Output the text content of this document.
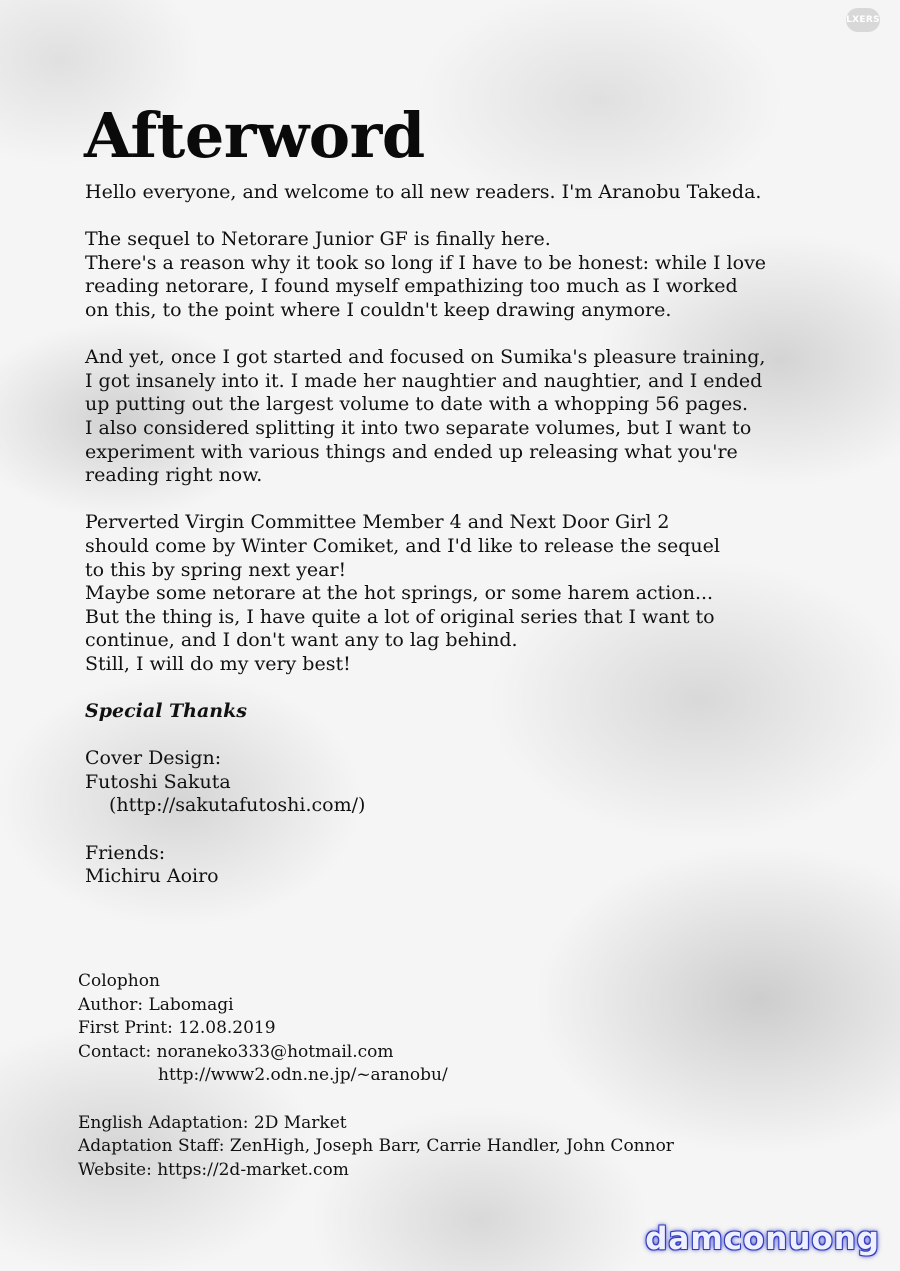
LXERS
Afterword

Hello everyone, and welcome to all new readers. I'm Aranobu Takeda.

The sequel to Netorare Junior GF is finally here.
There's a reason why it took so long if I have to be honest: while I love
reading netorare, I found myself empathizing too much as I worked
on this, to the point where I couldn't keep drawing anymore.

And yet, once I got started and focused on Sumika's pleasure training,
I got insanely into it. I made her naughtier and naughtier, and I ended
up putting out the largest volume to date with a whopping 56 pages.
I also considered splitting it into two separate volumes, but I want to
experiment with various things and ended up releasing what you're
reading right now.

Perverted Virgin Committee Member 4 and Next Door Girl 2
should come by Winter Comiket, and I'd like to release the sequel
to this by spring next year!
Maybe some netorare at the hot springs, or some harem action...
But the thing is, I have quite a lot of original series that I want to
continue, and I don't want any to lag behind.
Still, I will do my very best!

Special Thanks

Cover Design:

Futoshi Sakuta

(http://sakutafutoshi.com/)

Friends:

Michiru Aoiro

Colophon

Author: Labomagi

First Print: 12.08.2019

Contact: noraneko333@hotmail.com

http://www2.odn.ne.jp/~aranobu/

English Adaptation: 2D Market

Adaptation Staff: ZenHigh, Joseph Barr, Carrie Handler, John Connor

Website: https://2d-market.com

damconuong
